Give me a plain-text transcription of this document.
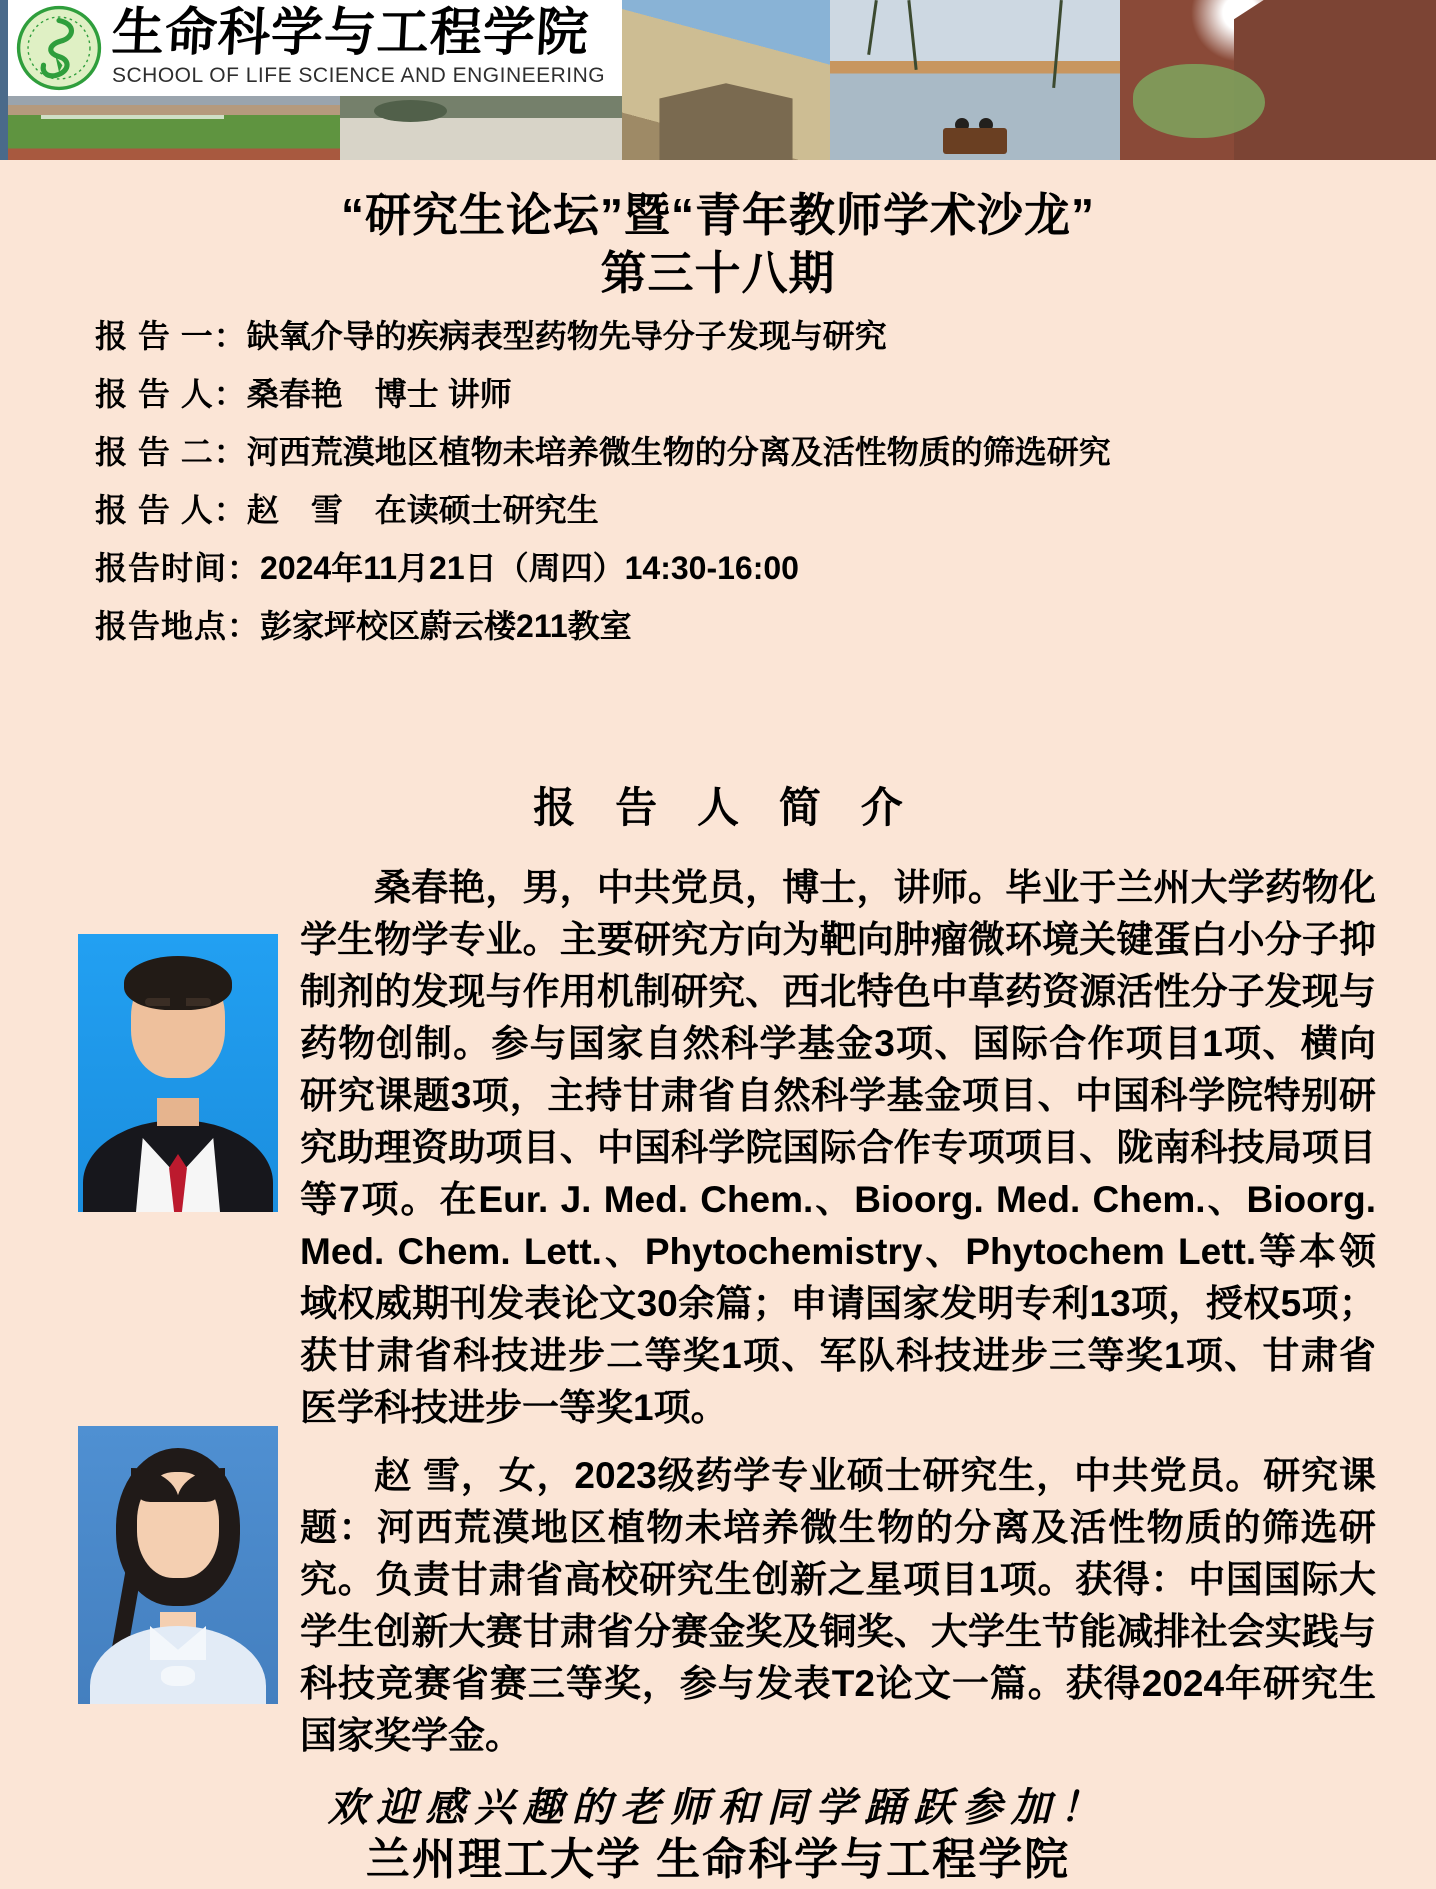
生命科学与工程学院
SCHOOL OF LIFE SCIENCE AND ENGINEERING
“研究生论坛”暨“青年教师学术沙龙”
第三十八期
报 告 一：缺氧介导的疾病表型药物先导分子发现与研究
报 告 人：桑春艳　博士 讲师
报 告 二：河西荒漠地区植物未培养微生物的分离及活性物质的筛选研究
报 告 人：赵　雪　在读硕士研究生
报告时间：2024年11月21日（周四）14:30-16:00
报告地点：彭家坪校区蔚云楼211教室
报告人简介
桑春艳，男，中共党员，博士，讲师。毕业于兰州大学药物化学生物学专业。主要研究方向为靶向肿瘤微环境关键蛋白小分子抑制剂的发现与作用机制研究、西北特色中草药资源活性分子发现与药物创制。参与国家自然科学基金3项、国际合作项目1项、横向研究课题3项，主持甘肃省自然科学基金项目、中国科学院特别研究助理资助项目、中国科学院国际合作专项项目、陇南科技局项目等7项。在Eur. J. Med. Chem.、Bioorg. Med. Chem.、Bioorg. Med. Chem. Lett.、Phytochemistry、Phytochem Lett.等本领域权威期刊发表论文30余篇；申请国家发明专利13项，授权5项；获甘肃省科技进步二等奖1项、军队科技进步三等奖1项、甘肃省医学科技进步一等奖1项。
赵 雪，女，2023级药学专业硕士研究生，中共党员。研究课题：河西荒漠地区植物未培养微生物的分离及活性物质的筛选研究。负责甘肃省高校研究生创新之星项目1项。获得：中国国际大学生创新大赛甘肃省分赛金奖及铜奖、大学生节能减排社会实践与科技竞赛省赛三等奖，参与发表T2论文一篇。获得2024年研究生国家奖学金。
欢迎感兴趣的老师和同学踊跃参加！
兰州理工大学 生命科学与工程学院
